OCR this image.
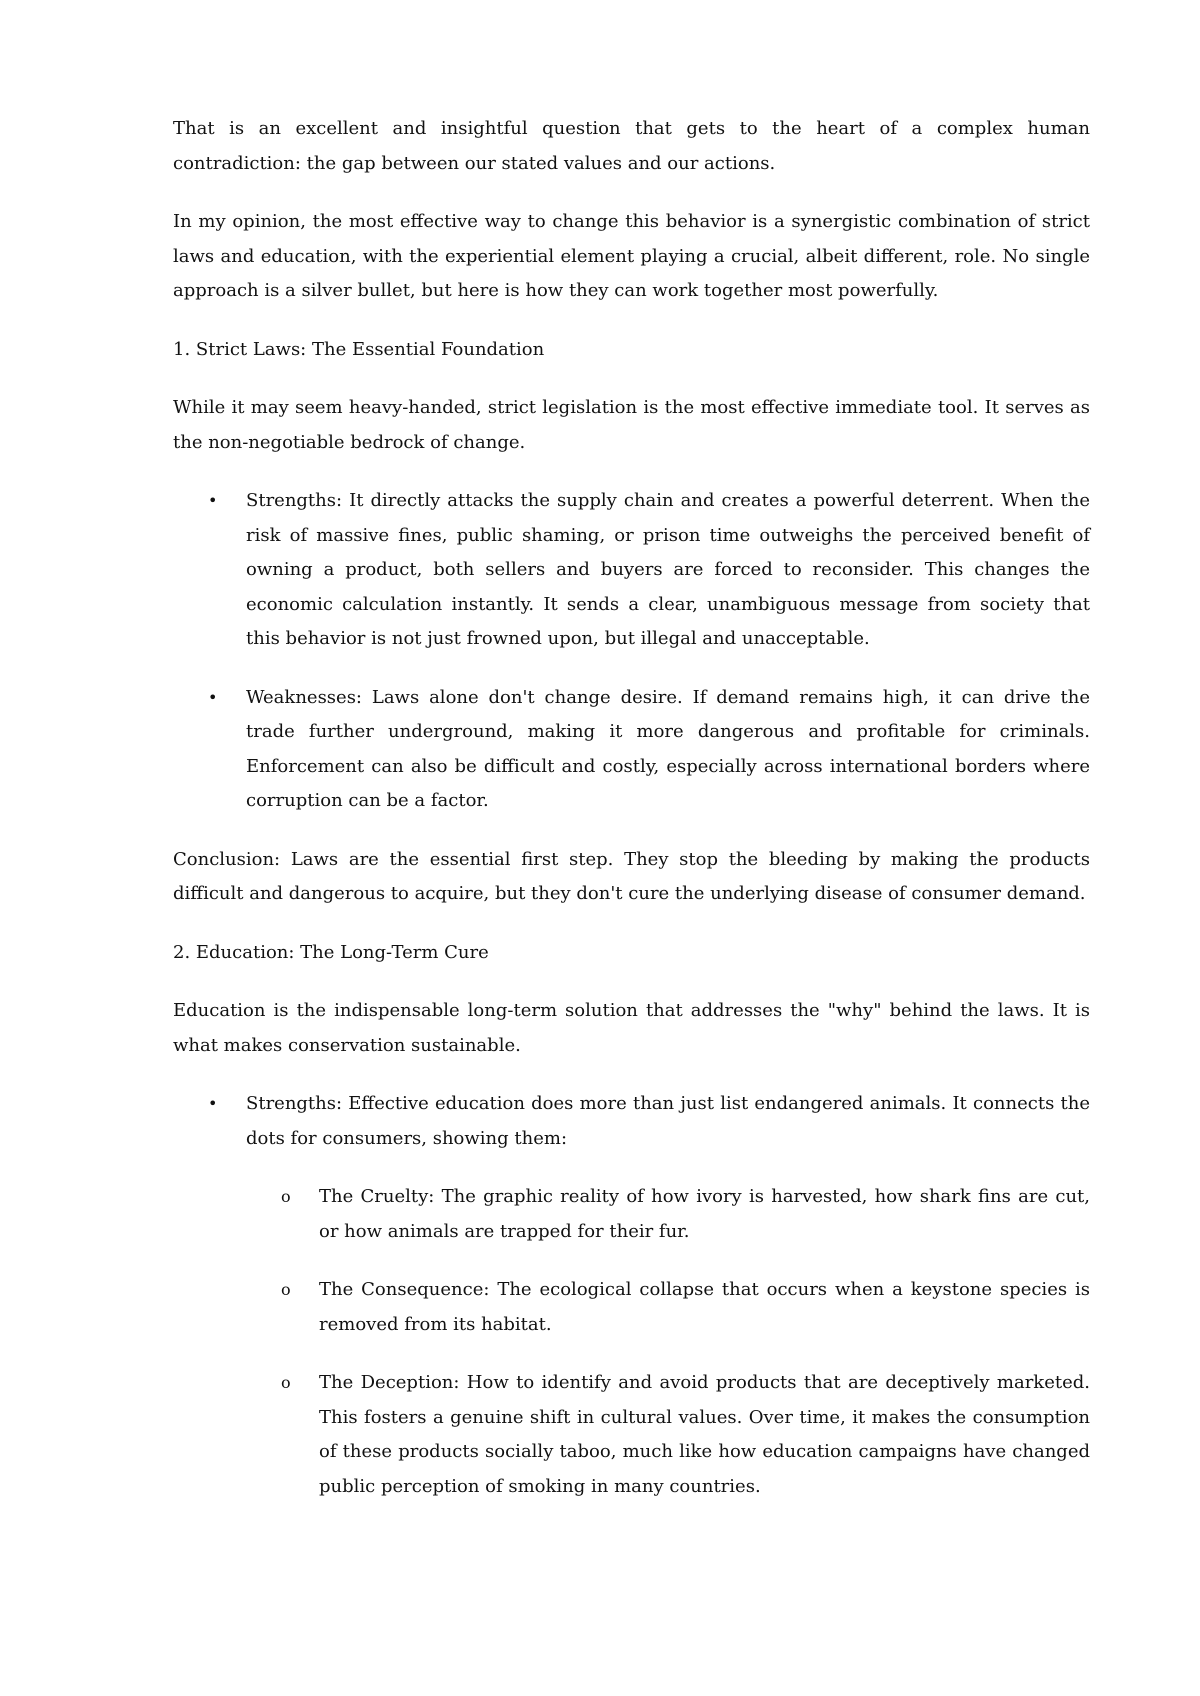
That is an excellent and insightful question that gets to the heart of a complex human contradiction: the gap between our stated values and our actions.

In my opinion, the most effective way to change this behavior is a synergistic combination of strict laws and education, with the experiential element playing a crucial, albeit different, role. No single approach is a silver bullet, but here is how they can work together most powerfully.

1. Strict Laws: The Essential Foundation

While it may seem heavy-handed, strict legislation is the most effective immediate tool. It serves as the non-negotiable bedrock of change.

•	Strengths: It directly attacks the supply chain and creates a powerful deterrent. When the risk of massive fines, public shaming, or prison time outweighs the perceived benefit of owning a product, both sellers and buyers are forced to reconsider. This changes the economic calculation instantly. It sends a clear, unambiguous message from society that this behavior is not just frowned upon, but illegal and unacceptable.
•	Weaknesses: Laws alone don't change desire. If demand remains high, it can drive the trade further underground, making it more dangerous and profitable for criminals. Enforcement can also be difficult and costly, especially across international borders where corruption can be a factor.

Conclusion: Laws are the essential first step. They stop the bleeding by making the products difficult and dangerous to acquire, but they don't cure the underlying disease of consumer demand.

2. Education: The Long-Term Cure

Education is the indispensable long-term solution that addresses the "why" behind the laws. It is what makes conservation sustainable.

•	Strengths: Effective education does more than just list endangered animals. It connects the dots for consumers, showing them:
o The Cruelty: The graphic reality of how ivory is harvested, how shark fins are cut, or how animals are trapped for their fur.
o The Consequence: The ecological collapse that occurs when a keystone species is removed from its habitat.
o The Deception: How to identify and avoid products that are deceptively marketed. This fosters a genuine shift in cultural values. Over time, it makes the consumption of these products socially taboo, much like how education campaigns have changed public perception of smoking in many countries.
